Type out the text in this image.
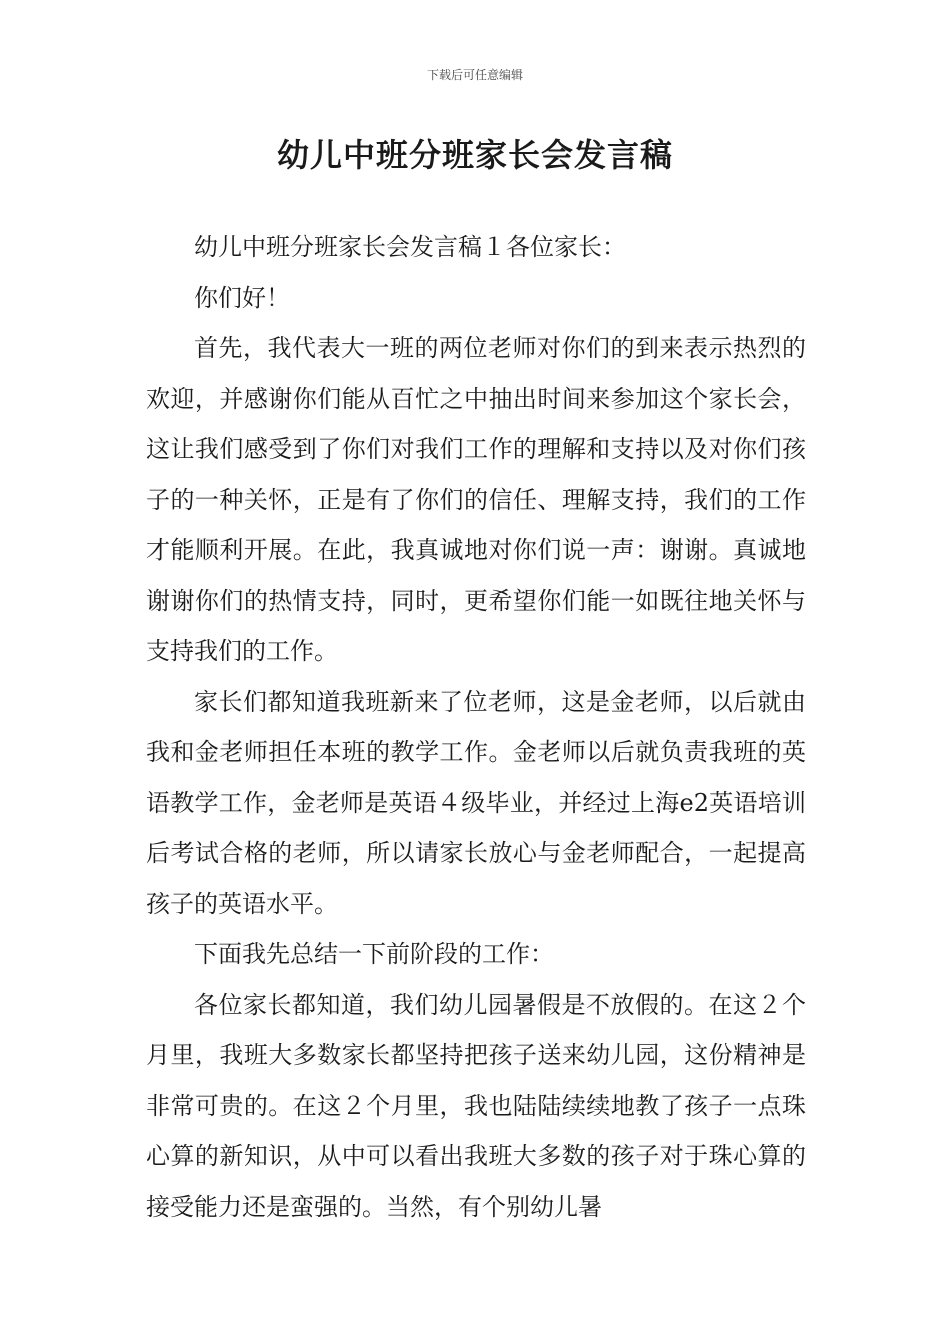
下载后可任意编辑
幼儿中班分班家长会发言稿

幼儿中班分班家长会发言稿１各位家长：

你们好！

首先，我代表大一班的两位老师对你们的到来表示热烈的欢迎，并感谢你们能从百忙之中抽出时间来参加这个家长会，这让我们感受到了你们对我们工作的理解和支持以及对你们孩子的一种关怀，正是有了你们的信任、理解支持，我们的工作才能顺利开展。在此，我真诚地对你们说一声：谢谢。真诚地谢谢你们的热情支持，同时，更希望你们能一如既往地关怀与支持我们的工作。

家长们都知道我班新来了位老师，这是金老师，以后就由我和金老师担任本班的教学工作。金老师以后就负责我班的英语教学工作，金老师是英语４级毕业，并经过上海e2英语培训后考试合格的老师，所以请家长放心与金老师配合，一起提高孩子的英语水平。

下面我先总结一下前阶段的工作：

各位家长都知道，我们幼儿园暑假是不放假的。在这２个月里，我班大多数家长都坚持把孩子送来幼儿园，这份精神是非常可贵的。在这２个月里，我也陆陆续续地教了孩子一点珠心算的新知识，从中可以看出我班大多数的孩子对于珠心算的接受能力还是蛮强的。当然，有个别幼儿暑
